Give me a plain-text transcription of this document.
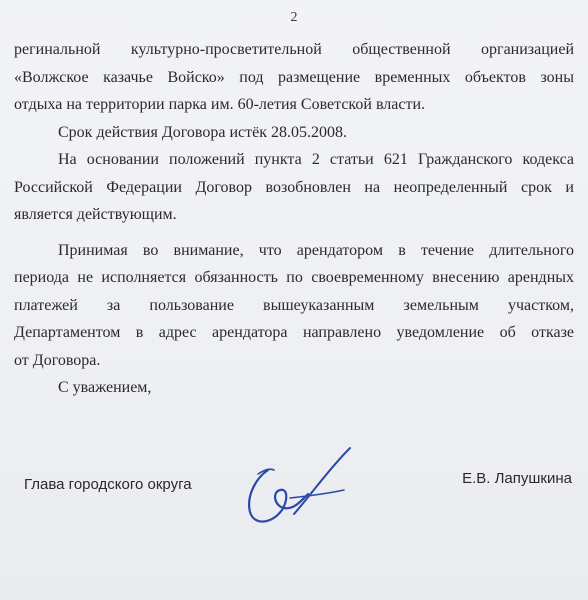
2
регинальной культурно-просветительной общественной организацией
«Волжское казачье Войско» под размещение временных объектов зоны
отдыха на территории парка им. 60-летия Советской власти.
Срок действия Договора истёк 28.05.2008.
На основании положений пункта 2 статьи 621 Гражданского кодекса
Российской Федерации Договор возобновлен на неопределенный срок и
является действующим.
Принимая во внимание, что арендатором в течение длительного
периода не исполняется обязанность по своевременному внесению арендных
платежей за пользование вышеуказанным земельным участком,
Департаментом в адрес арендатора направлено уведомление об отказе
от Договора.
С уважением,
Глава городского округа	Е.В. Лапушкина
